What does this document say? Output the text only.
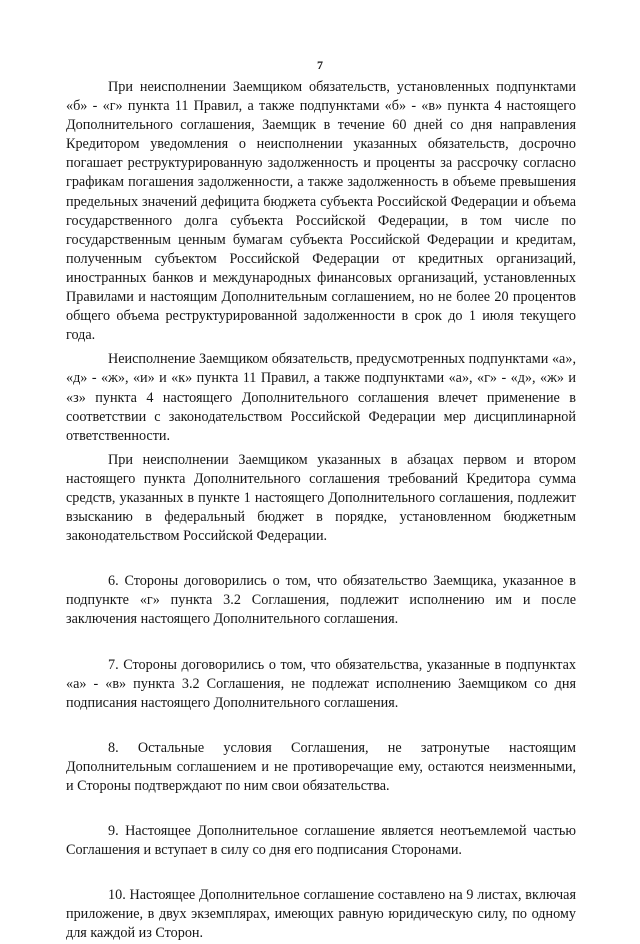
7

При неисполнении Заемщиком обязательств, установленных подпунктами «б» - «г» пункта 11 Правил, а также подпунктами «б» - «в» пункта 4 настоящего Дополнительного соглашения, Заемщик в течение 60 дней со дня направления Кредитором уведомления о неисполнении указанных обязательств, досрочно погашает реструктурированную задолженность и проценты за рассрочку согласно графикам погашения задолженности, а также задолженность в объеме превышения предельных значений дефицита бюджета субъекта Российской Федерации и объема государственного долга субъекта Российской Федерации, в том числе по государственным ценным бумагам субъекта Российской Федерации и кредитам, полученным субъектом Российской Федерации от кредитных организаций, иностранных банков и международных финансовых организаций, установленных Правилами и настоящим Дополнительным соглашением, но не более 20 процентов общего объема реструктурированной задолженности в срок до 1 июля текущего года.

Неисполнение Заемщиком обязательств, предусмотренных подпунктами «а», «д» - «ж», «и» и «к» пункта 11 Правил, а также подпунктами «а», «г» - «д», «ж» и «з» пункта 4 настоящего Дополнительного соглашения влечет применение в соответствии с законодательством Российской Федерации мер дисциплинарной ответственности.

При неисполнении Заемщиком указанных в абзацах первом и втором настоящего пункта Дополнительного соглашения требований Кредитора сумма средств, указанных в пункте 1 настоящего Дополнительного соглашения, подлежит взысканию в федеральный бюджет в порядке, установленном бюджетным законодательством Российской Федерации.

6. Стороны договорились о том, что обязательство Заемщика, указанное в подпункте «г» пункта 3.2 Соглашения, подлежит исполнению им и после заключения настоящего Дополнительного соглашения.

7. Стороны договорились о том, что обязательства, указанные в подпунктах «а» - «в» пункта 3.2 Соглашения, не подлежат исполнению Заемщиком со дня подписания настоящего Дополнительного соглашения.

8. Остальные условия Соглашения, не затронутые настоящим Дополнительным соглашением и не противоречащие ему, остаются неизменными, и Стороны подтверждают по ним свои обязательства.

9. Настоящее Дополнительное соглашение является неотъемлемой частью Соглашения и вступает в силу со дня его подписания Сторонами.

10. Настоящее Дополнительное соглашение составлено на 9 листах, включая приложение, в двух экземплярах, имеющих равную юридическую силу, по одному для каждой из Сторон.
